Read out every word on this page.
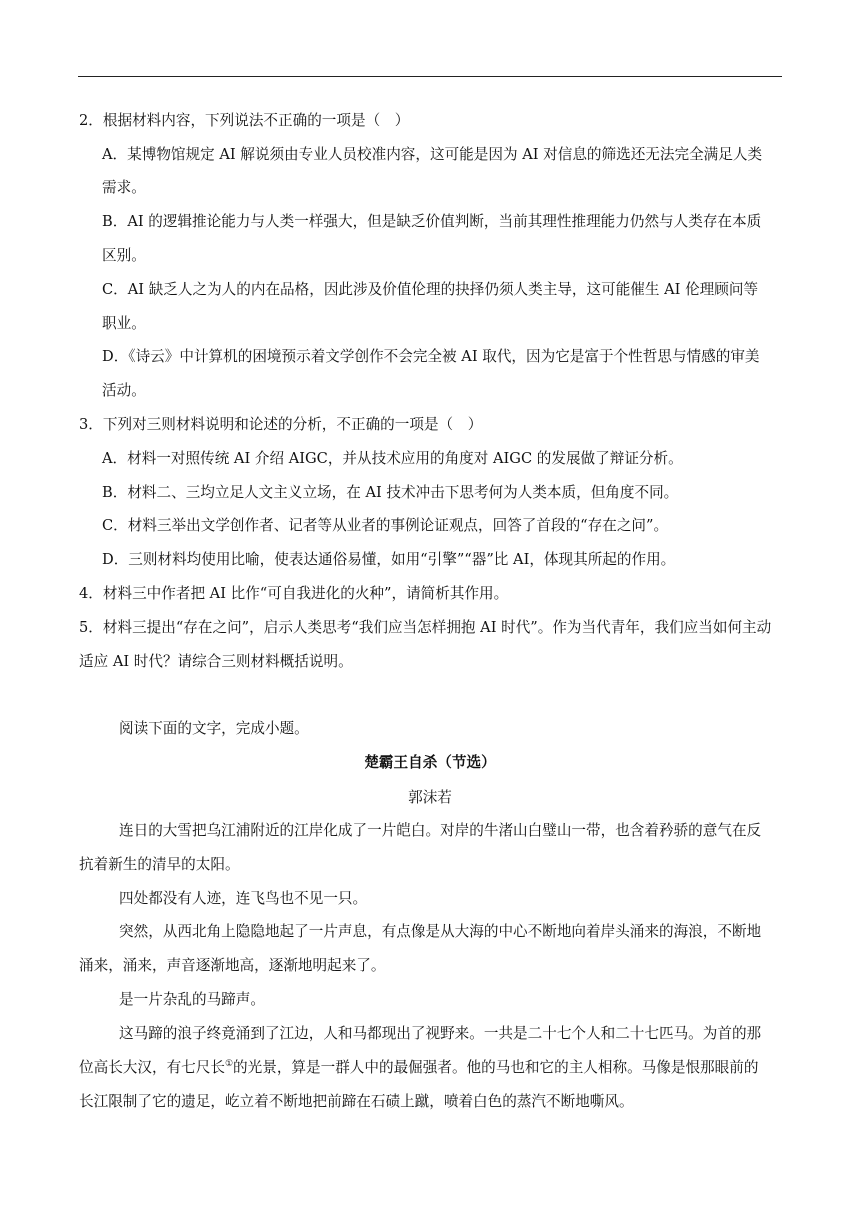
2．根据材料内容，下列说法不正确的一项是（　）
A．某博物馆规定 AI 解说须由专业人员校准内容，这可能是因为 AI 对信息的筛选还无法完全满足人类
需求。
B．AI 的逻辑推论能力与人类一样强大，但是缺乏价值判断，当前其理性推理能力仍然与人类存在本质
区别。
C．AI 缺乏人之为人的内在品格，因此涉及价值伦理的抉择仍须人类主导，这可能催生 AI 伦理顾问等
职业。
D．《诗云》中计算机的困境预示着文学创作不会完全被 AI 取代，因为它是富于个性哲思与情感的审美
活动。
3．下列对三则材料说明和论述的分析，不正确的一项是（　）
A．材料一对照传统 AI 介绍 AIGC，并从技术应用的角度对 AIGC 的发展做了辩证分析。
B．材料二、三均立足人文主义立场，在 AI 技术冲击下思考何为人类本质，但角度不同。
C．材料三举出文学创作者、记者等从业者的事例论证观点，回答了首段的“存在之问”。
D．三则材料均使用比喻，使表达通俗易懂，如用“引擎”“器”比 AI，体现其所起的作用。
4．材料三中作者把 AI 比作“可自我进化的火种”，请简析其作用。
5．材料三提出“存在之问”，启示人类思考“我们应当怎样拥抱 AI 时代”。作为当代青年，我们应当如何主动
适应 AI 时代？请综合三则材料概括说明。
阅读下面的文字，完成小题。
楚霸王自杀（节选）
郭沫若
连日的大雪把乌江浦附近的江岸化成了一片皑白。对岸的牛渚山白璧山一带，也含着矜骄的意气在反
抗着新生的清早的太阳。
四处都没有人迹，连飞鸟也不见一只。
突然，从西北角上隐隐地起了一片声息，有点像是从大海的中心不断地向着岸头涌来的海浪，不断地
涌来，涌来，声音逐渐地高，逐渐地明起来了。
是一片杂乱的马蹄声。
这马蹄的浪子终竟涌到了江边，人和马都现出了视野来。一共是二十七个人和二十七匹马。为首的那
位高长大汉，有七尺长①的光景，算是一群人中的最倔强者。他的马也和它的主人相称。马像是恨那眼前的
长江限制了它的遗足，屹立着不断地把前蹄在石碛上蹴，喷着白色的蒸汽不断地嘶风。
